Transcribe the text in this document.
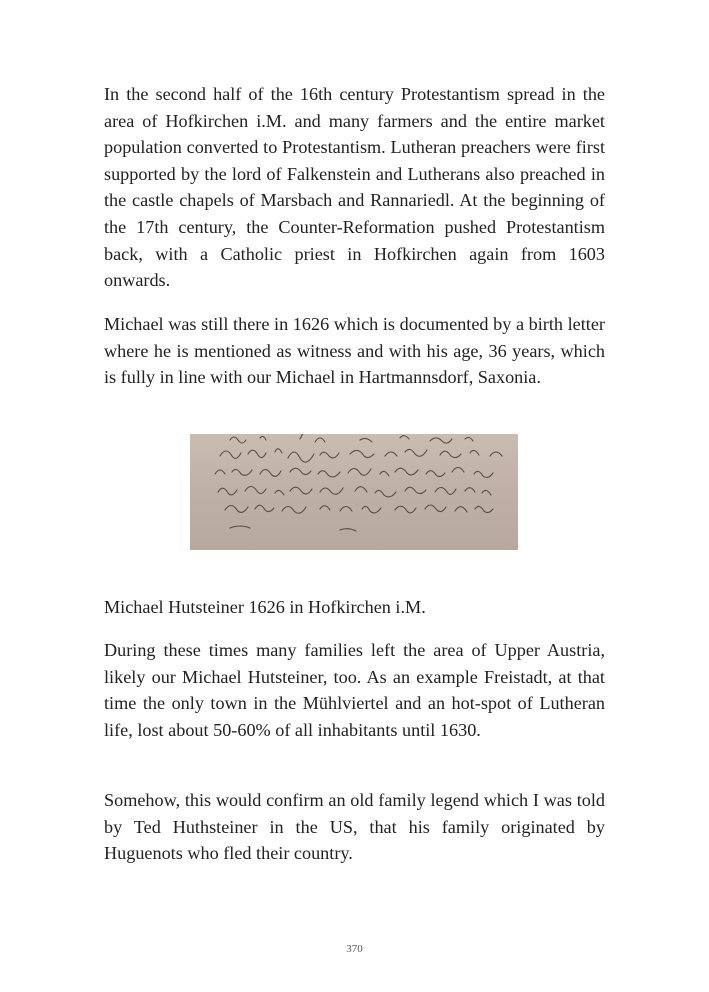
In the second half of the 16th century Protestantism spread in the area of Hofkirchen i.M. and many farmers and the entire market population converted to Protestantism. Lutheran preachers were first supported by the lord of Falkenstein and Lutherans also preached in the castle chapels of Marsbach and Rannariedl. At the beginning of the 17th century, the Counter-Reformation pushed Protestantism back, with a Catholic priest in Hofkirchen again from 1603 onwards.

Michael was still there in 1626 which is documented by a birth letter where he is mentioned as witness and with his age, 36 years, which is fully in line with our Michael in Hartmannsdorf, Saxonia.

Michael Hutsteiner 1626 in Hofkirchen i.M.

During these times many families left the area of Upper Austria, likely our Michael Hutsteiner, too. As an example Freistadt, at that time the only town in the Mühlviertel and an hot-spot of Lutheran life, lost about 50-60% of all inhabitants until 1630.

Somehow, this would confirm an old family legend which I was told by Ted Huthsteiner in the US, that his family originated by Huguenots who fled their country.

370
